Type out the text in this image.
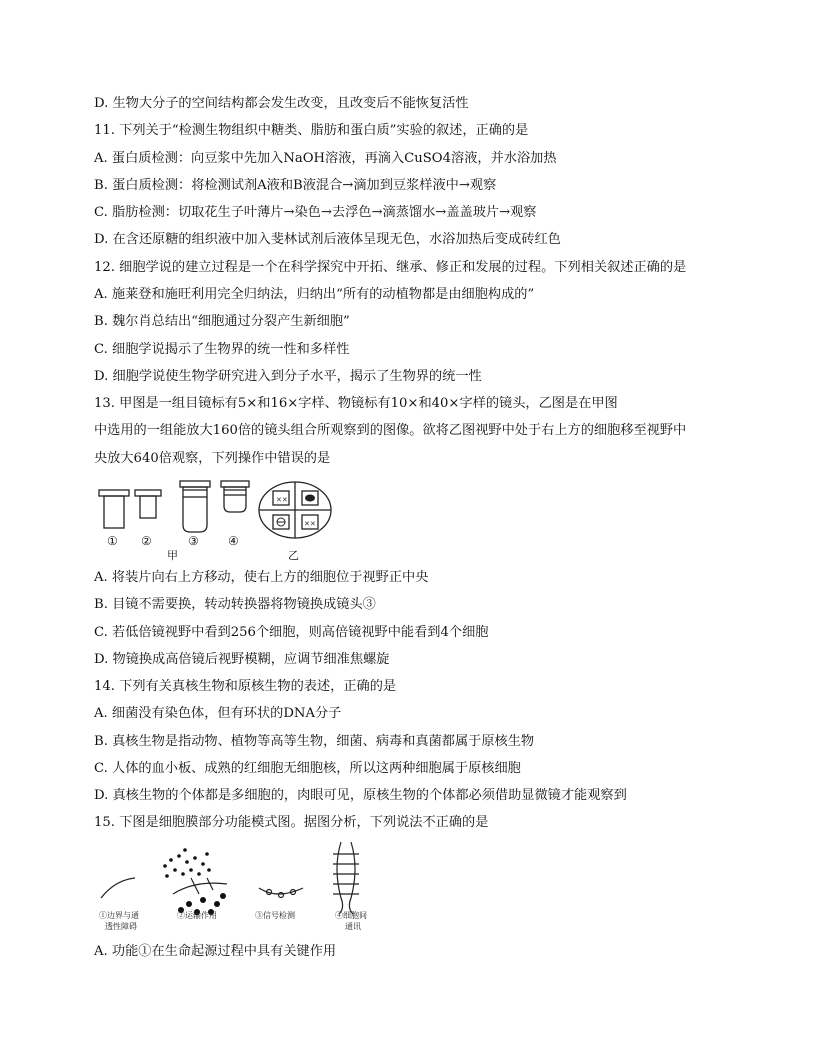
D. 生物大分子的空间结构都会发生改变，且改变后不能恢复活性
11. 下列关于“检测生物组织中糖类、脂肪和蛋白质”实验的叙述，正确的是
A. 蛋白质检测：向豆浆中先加入NaOH溶液，再滴入CuSO4溶液，并水浴加热
B. 蛋白质检测：将检测试剂A液和B液混合→滴加到豆浆样液中→观察
C. 脂肪检测：切取花生子叶薄片→染色→去浮色→滴蒸馏水→盖盖玻片→观察
D. 在含还原糖的组织液中加入斐林试剂后液体呈现无色，水浴加热后变成砖红色
12. 细胞学说的建立过程是一个在科学探究中开拓、继承、修正和发展的过程。下列相关叙述正确的是
A. 施莱登和施旺利用完全归纳法，归纳出“所有的动植物都是由细胞构成的”
B. 魏尔肖总结出“细胞通过分裂产生新细胞”
C. 细胞学说揭示了生物界的统一性和多样性
D. 细胞学说使生物学研究进入到分子水平，揭示了生物界的统一性
13. 甲图是一组目镜标有5×和16×字样、物镜标有10×和40×字样的镜头，乙图是在甲图
中选用的一组能放大160倍的镜头组合所观察到的图像。欲将乙图视野中处于右上方的细胞移至视野中
央放大640倍观察，下列操作中错误的是
✕✕
✕✕
① ②	③ ④
甲	乙
A. 将装片向右上方移动，使右上方的细胞位于视野正中央
B. 目镜不需要换，转动转换器将物镜换成镜头③
C. 若低倍镜视野中看到256个细胞，则高倍镜视野中能看到4个细胞
D. 物镜换成高倍镜后视野模糊，应调节细准焦螺旋
14. 下列有关真核生物和原核生物的表述，正确的是
A. 细菌没有染色体，但有环状的DNA分子
B. 真核生物是指动物、植物等高等生物，细菌、病毒和真菌都属于原核生物
C. 人体的血小板、成熟的红细胞无细胞核，所以这两种细胞属于原核细胞
D. 真核生物的个体都是多细胞的，肉眼可见，原核生物的个体都必须借助显微镜才能观察到
15. 下图是细胞膜部分功能模式图。据图分析，下列说法不正确的是
①边界与通
透性障碍
②运输作用	③信号检测	④细胞间
通讯
A. 功能①在生命起源过程中具有关键作用
